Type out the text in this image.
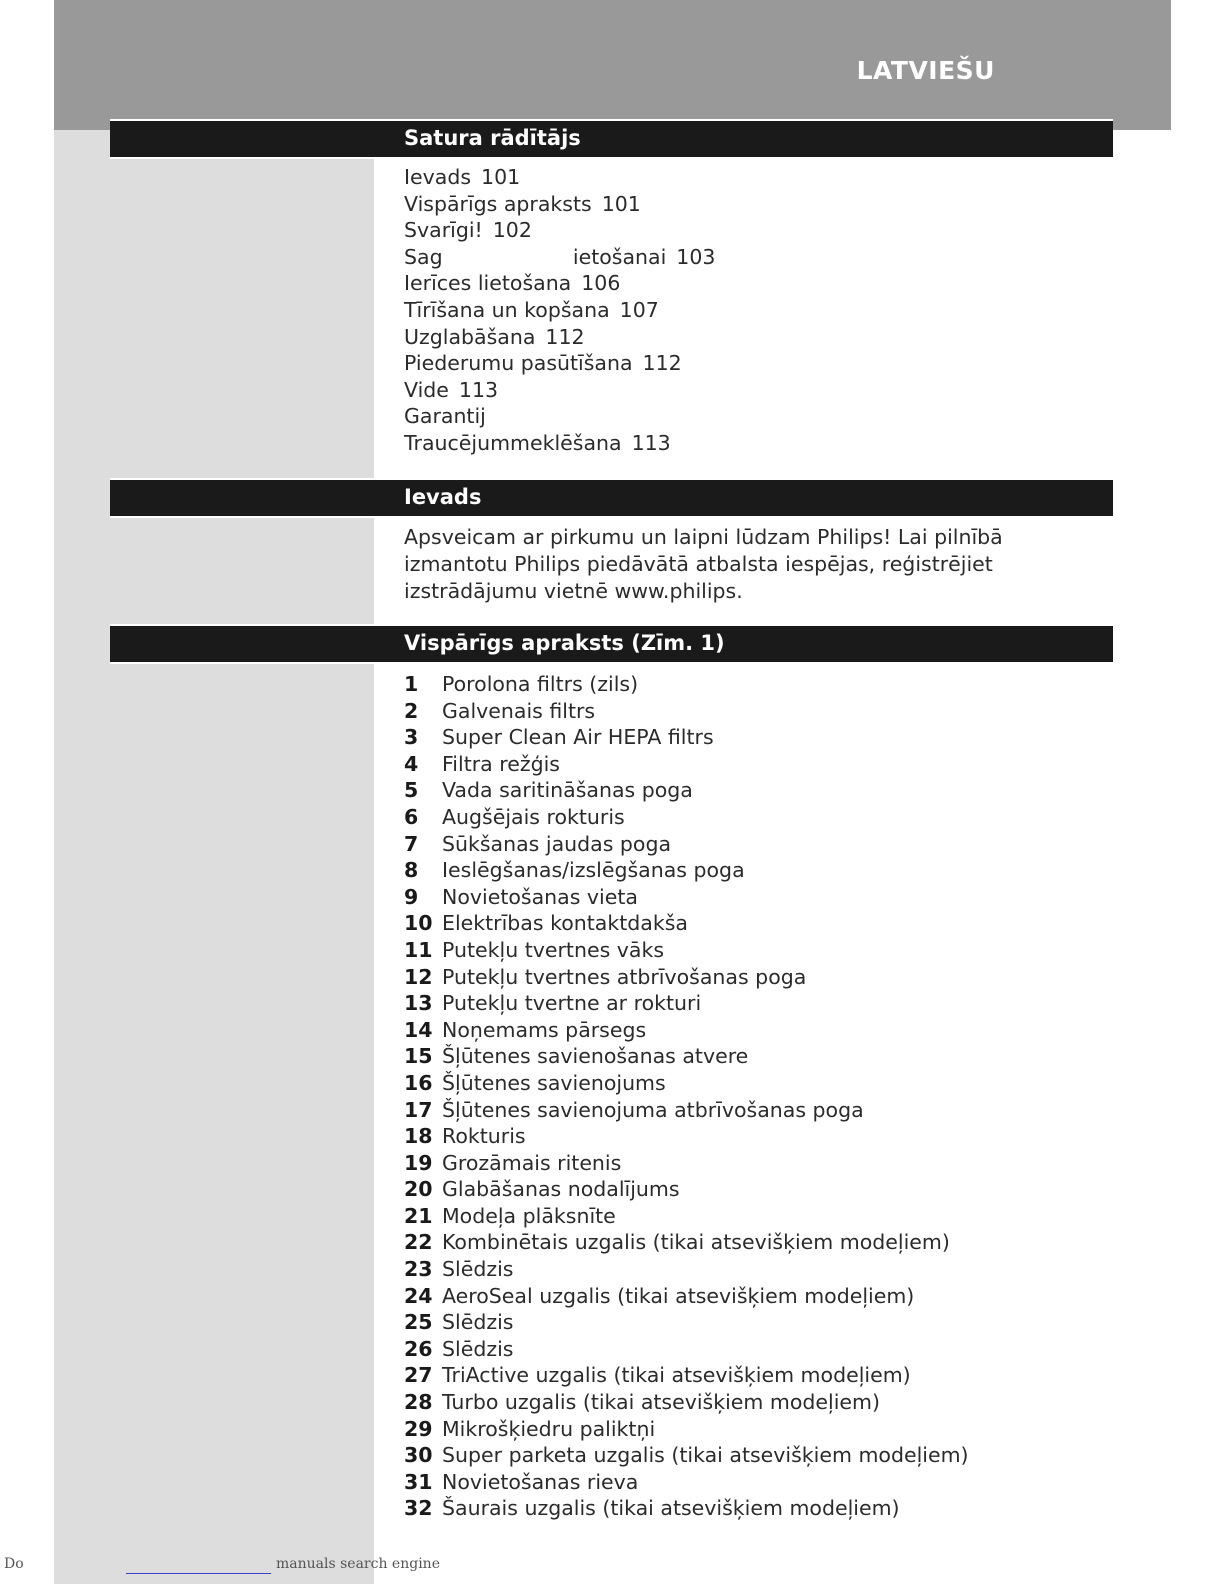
LATVIEŠU
Satura rādītājs
Ievads 101
Vispārīgs apraksts 101
Svarīgi! 102
Sag                    ietošanai 103
Ierīces lietošana 106
Tīrīšana un kopšana 107
Uzglabāšana 112
Piederumu pasūtīšana 112
Vide 113
Garantij
Traucējummeklēšana 113
Ievads
Apsveicam ar pirkumu un laipni lūdzam Philips! Lai pilnībā izmantotu Philips piedāvātā atbalsta iespējas, reģistrējiet izstrādājumu vietnē www.philips.
Vispārīgs apraksts (Zīm. 1)
1	Porolona filtrs (zils)
2	Galvenais filtrs
3	Super Clean Air HEPA filtrs
4	Filtra režģis
5	Vada saritināšanas poga
6	Augšējais rokturis
7	Sūkšanas jaudas poga
8	Ieslēgšanas/izslēgšanas poga
9	Novietošanas vieta
10 Elektrības kontaktdakša
11 Putekļu tvertnes vāks
12 Putekļu tvertnes atbrīvošanas poga
13 Putekļu tvertne ar rokturi
14 Noņemams pārsegs
15 Šļūtenes savienošanas atvere
16 Šļūtenes savienojums
17 Šļūtenes savienojuma atbrīvošanas poga
18 Rokturis
19 Grozāmais ritenis
20 Glabāšanas nodalījums
21 Modeļa plāksnīte
22 Kombinētais uzgalis (tikai atsevišķiem modeļiem)
23 Slēdzis
24 AeroSeal uzgalis (tikai atsevišķiem modeļiem)
25 Slēdzis
26 Slēdzis
27 TriActive uzgalis (tikai atsevišķiem modeļiem)
28 Turbo uzgalis (tikai atsevišķiem modeļiem)
29 Mikrošķiedru paliktņi
30 Super parketa uzgalis (tikai atsevišķiem modeļiem)
31 Novietošanas rieva
32 Šaurais uzgalis (tikai atsevišķiem modeļiem)
Do	manuals search engine
